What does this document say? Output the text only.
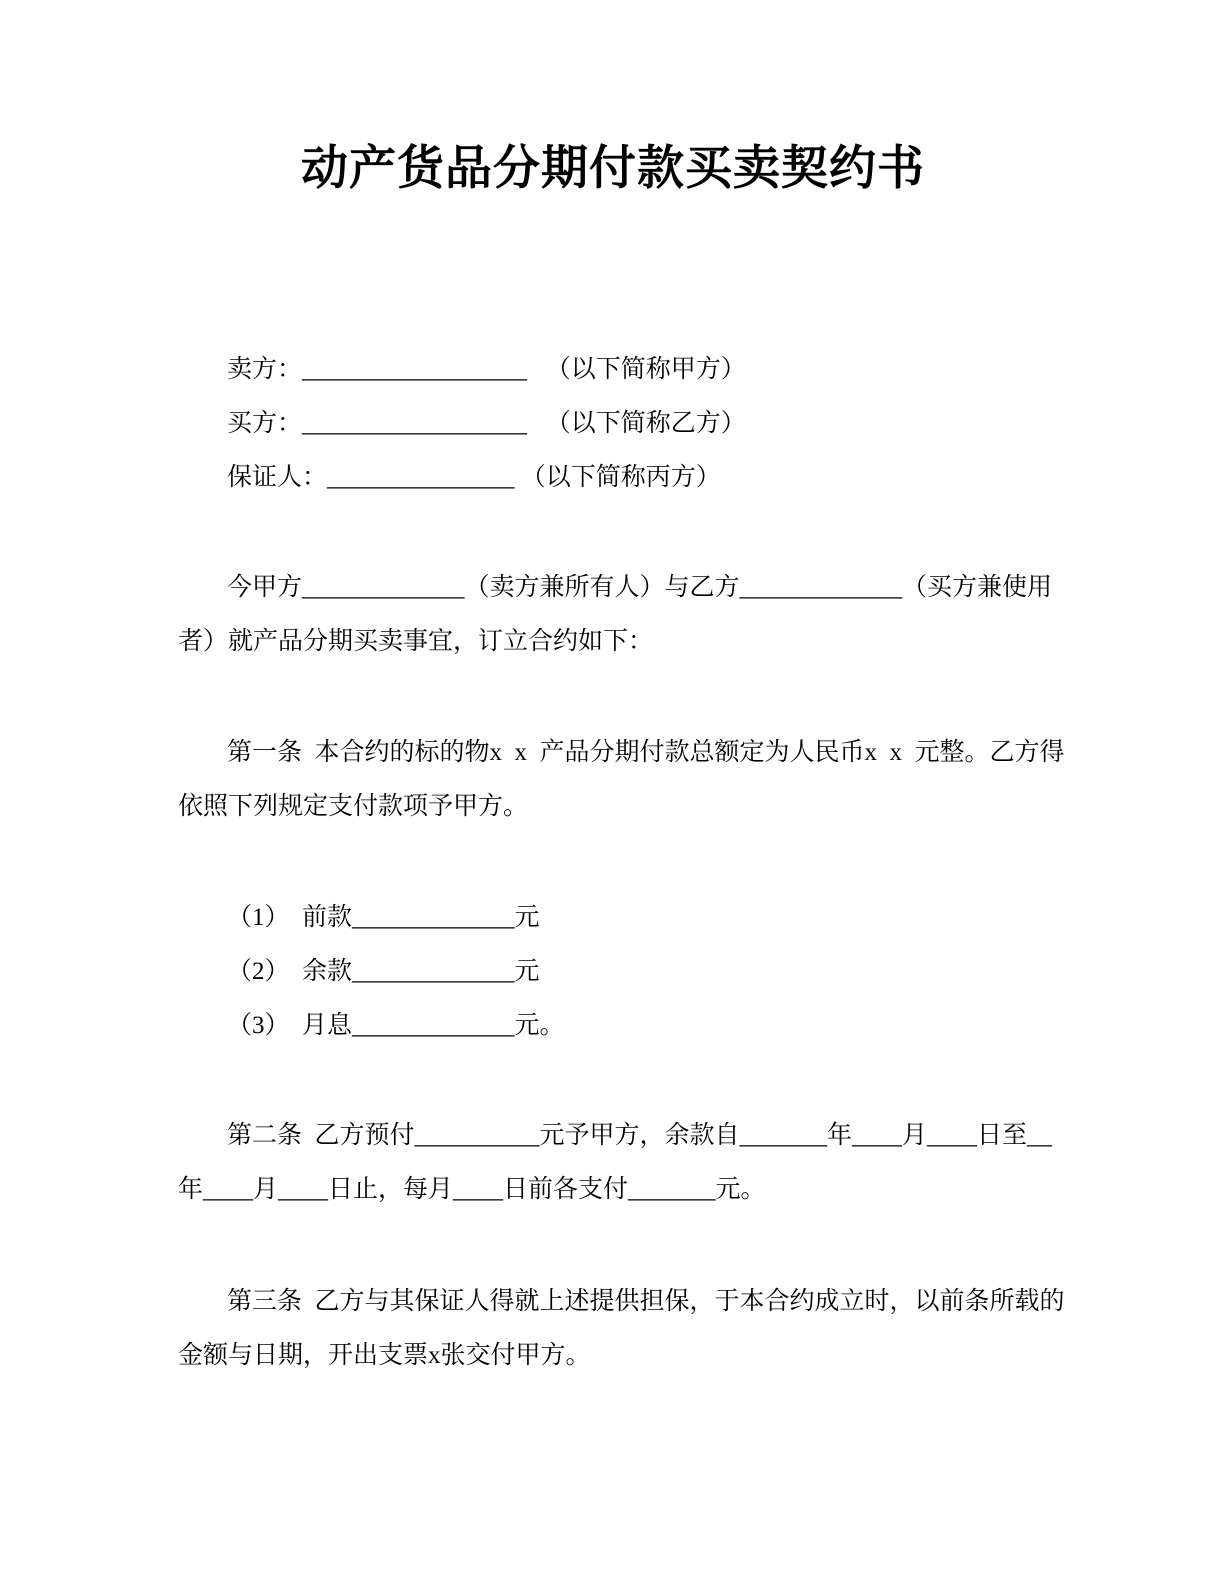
动产货品分期付款买卖契约书
卖方：__________________   （以下简称甲方）
买方：__________________   （以下简称乙方）
保证人：_______________ （以下简称丙方）
今甲方_____________（卖方兼所有人）与乙方_____________（买方兼使用
者）就产品分期买卖事宜，订立合约如下：
第一条  本合约的标的物x  x  产品分期付款总额定为人民币x  x  元整。乙方得
依照下列规定支付款项予甲方。
（1）  前款_____________元
（2）  余款_____________元
（3）  月息_____________元。
第二条  乙方预付__________元予甲方，余款自_______年____月____日至__
年____月____日止，每月____日前各支付_______元。
第三条  乙方与其保证人得就上述提供担保，于本合约成立时，以前条所载的
金额与日期，开出支票x张交付甲方。
